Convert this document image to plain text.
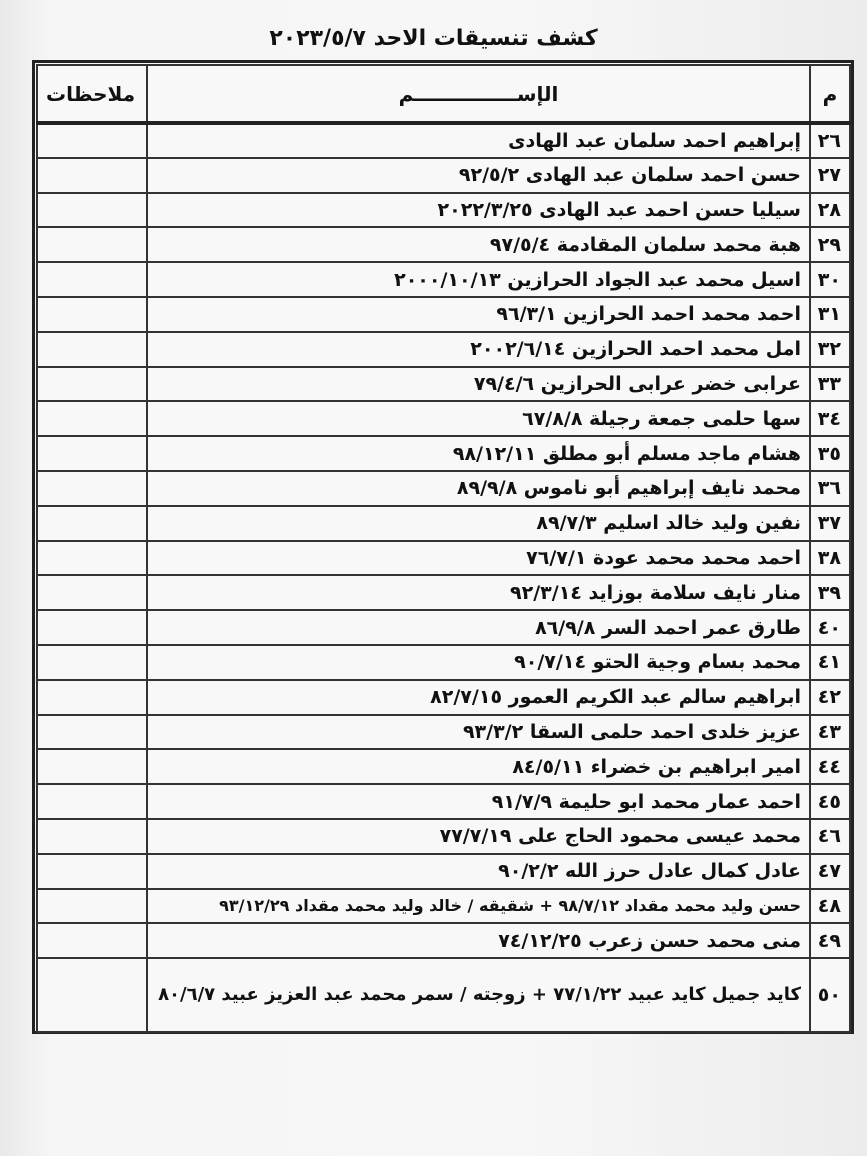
كشف تنسيقات الاحد ٢٠٢٣/٥/٧
م	الإســـــــــــــــم	ملاحظات
٢٦	إبراهيم احمد سلمان عبد الهادى	
٢٧	حسن احمد سلمان عبد الهادى ٩٢/٥/٢	
٢٨	سيليا حسن احمد عبد الهادى ٢٠٢٢/٣/٢٥	
٢٩	هبة محمد سلمان المقادمة ٩٧/٥/٤	
٣٠	اسيل محمد عبد الجواد الحرازين ٢٠٠٠/١٠/١٣	
٣١	احمد محمد احمد الحرازين ٩٦/٣/١	
٣٢	امل محمد احمد الحرازين ٢٠٠٢/٦/١٤	
٣٣	عرابى خضر عرابى الحرازين ٧٩/٤/٦	
٣٤	سها حلمى جمعة رجيلة ٦٧/٨/٨	
٣٥	هشام ماجد مسلم أبو مطلق ٩٨/١٢/١١	
٣٦	محمد نايف إبراهيم أبو ناموس ٨٩/٩/٨	
٣٧	نفين وليد خالد اسليم ٨٩/٧/٣	
٣٨	احمد محمد محمد عودة ٧٦/٧/١	
٣٩	منار نايف سلامة بوزايد ٩٢/٣/١٤	
٤٠	طارق عمر احمد السر ٨٦/٩/٨	
٤١	محمد بسام وجية الحتو ٩٠/٧/١٤	
٤٢	ابراهيم سالم عبد الكريم العمور ٨٢/٧/١٥	
٤٣	عزيز خلدى احمد حلمى السقا ٩٣/٣/٢	
٤٤	امير ابراهيم بن خضراء ٨٤/٥/١١	
٤٥	احمد عمار محمد ابو حليمة ٩١/٧/٩	
٤٦	محمد عيسى محمود الحاج على ٧٧/٧/١٩	
٤٧	عادل كمال عادل حرز الله ٩٠/٢/٢	
٤٨	حسن وليد محمد مقداد ٩٨/٧/١٢ + شقيقه / خالد وليد محمد مقداد ٩٣/١٢/٢٩	
٤٩	منى محمد حسن زعرب ٧٤/١٢/٢٥	
٥٠	كايد جميل كايد عبيد ٧٧/١/٢٢ + زوجته / سمر محمد عبد العزيز عبيد ٨٠/٦/٧	
